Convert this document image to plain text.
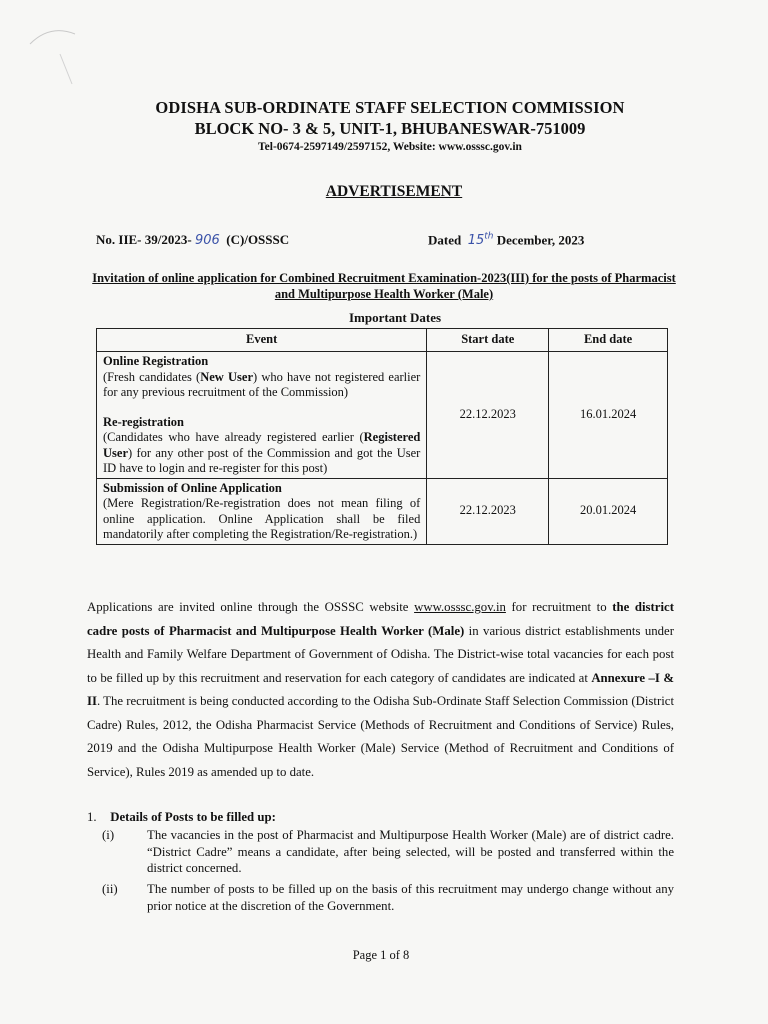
ODISHA SUB-ORDINATE STAFF SELECTION COMMISSION
BLOCK NO- 3 & 5, UNIT-1, BHUBANESWAR-751009
Tel-0674-2597149/2597152, Website: www.osssc.gov.in
ADVERTISEMENT
No. IIE- 39/2023- 906 (C)/OSSSC	Dated 15th December, 2023
Invitation of online application for Combined Recruitment Examination-2023(III) for the posts of Pharmacist and Multipurpose Health Worker (Male)
Important Dates
Event	Start date	End date

Online Registration
(Fresh candidates (New User) who have not registered earlier for any previous recruitment of the Commission)
Re-registration
(Candidates who have already registered earlier (Registered User) for any other post of the Commission and got the User ID have to login and re-register for this post)	22.12.2023	16.01.2024

Submission of Online Application
(Mere Registration/Re-registration does not mean filing of online application. Online Application shall be filed mandatorily after completing the Registration/Re-registration.)	22.12.2023	20.01.2024
Applications are invited online through the OSSSC website www.osssc.gov.in for recruitment to the district cadre posts of Pharmacist and Multipurpose Health Worker (Male) in various district establishments under Health and Family Welfare Department of Government of Odisha. The District-wise total vacancies for each post to be filled up by this recruitment and reservation for each category of candidates are indicated at Annexure –I & II. The recruitment is being conducted according to the Odisha Sub-Ordinate Staff Selection Commission (District Cadre) Rules, 2012, the Odisha Pharmacist Service (Methods of Recruitment and Conditions of Service) Rules, 2019 and the Odisha Multipurpose Health Worker (Male) Service (Method of Recruitment and Conditions of Service), Rules 2019 as amended up to date.
1. Details of Posts to be filled up:
(i)	The vacancies in the post of Pharmacist and Multipurpose Health Worker (Male) are of district cadre. “District Cadre” means a candidate, after being selected, will be posted and transferred within the district concerned.
(ii)	The number of posts to be filled up on the basis of this recruitment may undergo change without any prior notice at the discretion of the Government.
Page 1 of 8
